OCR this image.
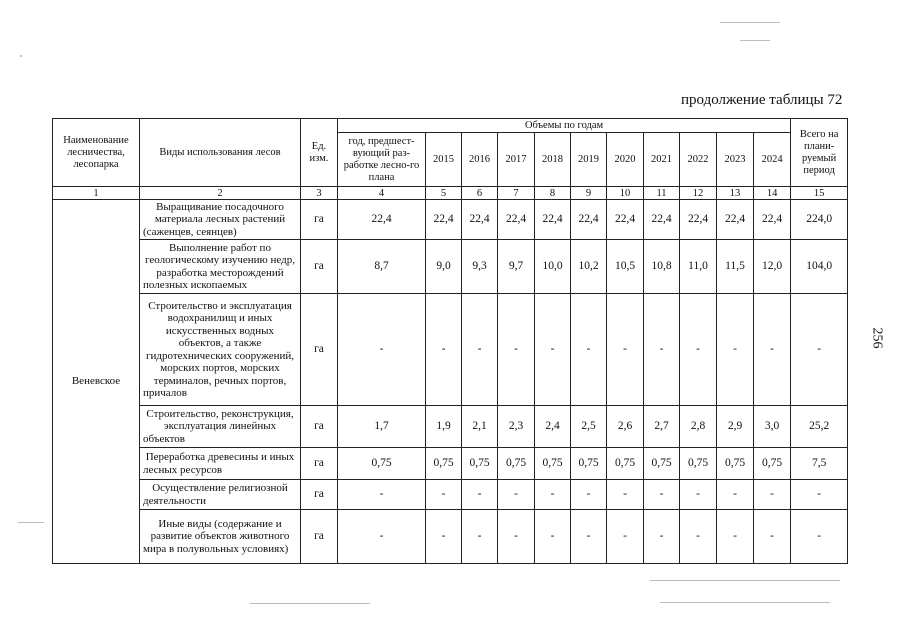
продолжение таблицы 72
256
Наименование лесничества, лесопарка	Виды использования лесов	Ед. изм.	Объемы по годам											Всего на плани-руемый период
			год, предшест-вующий раз-работке лесно-го плана	2015	2016	2017	2018	2019	2020	2021	2022	2023	2024	
1	2	3	4	5	6	7	8	9	10	11	12	13	14	15
Веневское	Выращивание посадочного материала лесных растений (саженцев, сеянцев)	га	22,4	22,4	22,4	22,4	22,4	22,4	22,4	22,4	22,4	22,4	22,4	224,0
	Выполнение работ по геологическому изучению недр, разработка месторождений полезных ископаемых	га	8,7	9,0	9,3	9,7	10,0	10,2	10,5	10,8	11,0	11,5	12,0	104,0
	Строительство и эксплуатация водохранилищ и иных искусственных водных объектов, а также гидротехнических сооружений, морских портов, морских терминалов, речных портов, причалов	га	-	-	-	-	-	-	-	-	-	-	-	-
	Строительство, реконструкция, эксплуатация линейных объектов	га	1,7	1,9	2,1	2,3	2,4	2,5	2,6	2,7	2,8	2,9	3,0	25,2
	Переработка древесины и иных лесных ресурсов	га	0,75	0,75	0,75	0,75	0,75	0,75	0,75	0,75	0,75	0,75	0,75	7,5
	Осуществление религиозной деятельности	га	-	-	-	-	-	-	-	-	-	-	-	-
	Иные виды (содержание и развитие объектов животного мира в полувольных условиях)	га	-	-	-	-	-	-	-	-	-	-	-	-
